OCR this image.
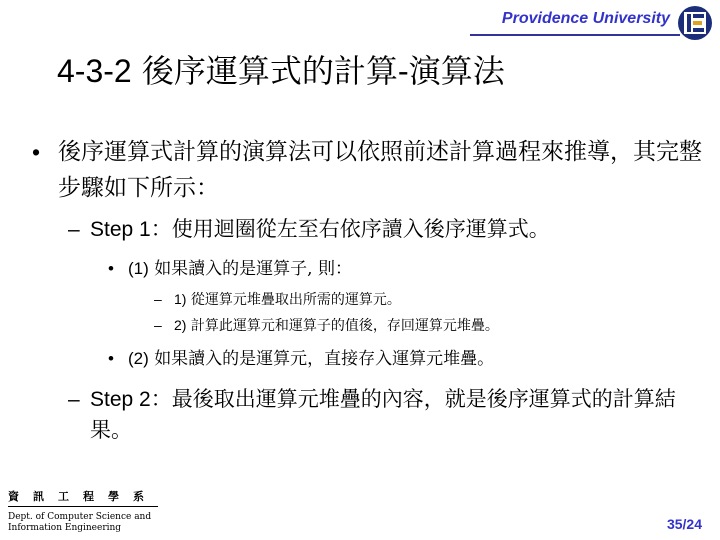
Providence University
4-3-2 後序運算式的計算-演算法
• 後序運算式計算的演算法可以依照前述計算過程來推導，其完整步驟如下所示：
– Step 1：使用迴圈從左至右依序讀入後序運算式。
• (1) 如果讀入的是運算子, 則：
– 1) 從運算元堆疊取出所需的運算元。
– 2) 計算此運算元和運算子的值後，存回運算元堆疊。
• (2) 如果讀入的是運算元，直接存入運算元堆疊。
– Step 2：最後取出運算元堆疊的內容，就是後序運算式的計算結果。
資訊工程學系
Dept. of Computer Science and Information Engineering	35/24
